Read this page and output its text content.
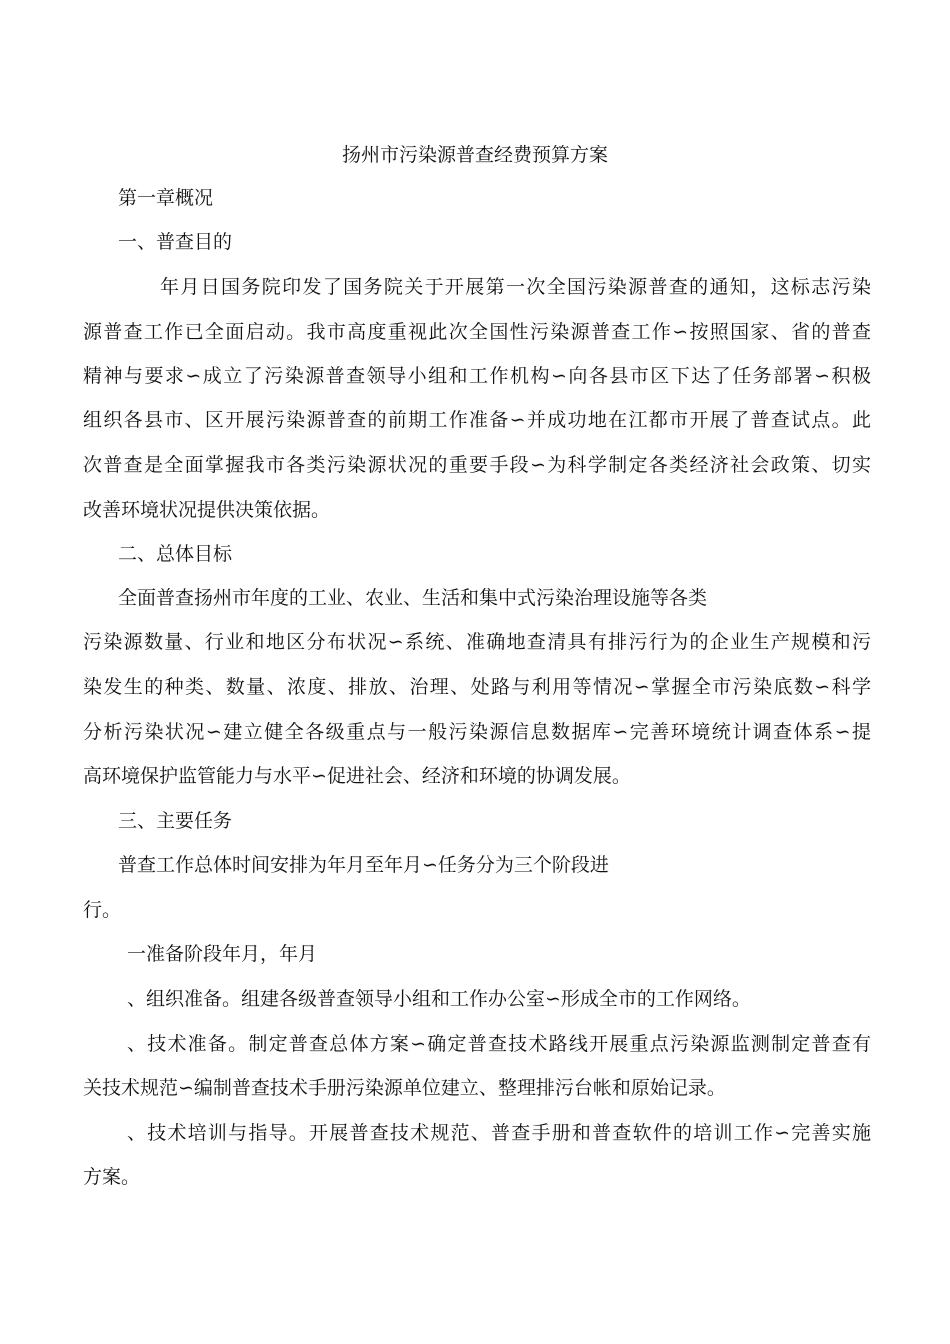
扬州市污染源普查经费预算方案
第一章概况
一、普查目的
年月日国务院印发了国务院关于开展第一次全国污染源普查的通知，这标志污染
源普查工作已全面启动。我市高度重视此次全国性污染源普查工作∽按照国家、省的普查
精神与要求∽成立了污染源普查领导小组和工作机构∽向各县市区下达了任务部署∽积极
组织各县市、区开展污染源普查的前期工作准备∽并成功地在江都市开展了普查试点。此
次普查是全面掌握我市各类污染源状况的重要手段∽为科学制定各类经济社会政策、切实
改善环境状况提供决策依据。
二、总体目标
全面普查扬州市年度的工业、农业、生活和集中式污染治理设施等各类
污染源数量、行业和地区分布状况∽系统、准确地查清具有排污行为的企业生产规模和污
染发生的种类、数量、浓度、排放、治理、处路与利用等情况∽掌握全市污染底数∽科学
分析污染状况∽建立健全各级重点与一般污染源信息数据库∽完善环境统计调查体系∽提
高环境保护监管能力与水平∽促进社会、经济和环境的协调发展。
三、主要任务
普查工作总体时间安排为年月至年月∽任务分为三个阶段进
行。
一准备阶段年月，年月
、组织准备。组建各级普查领导小组和工作办公室∽形成全市的工作网络。
、技术准备。制定普查总体方案∽确定普查技术路线开展重点污染源监测制定普查有
关技术规范∽编制普查技术手册污染源单位建立、整理排污台帐和原始记录。
、技术培训与指导。开展普查技术规范、普查手册和普查软件的培训工作∽完善实施
方案。
